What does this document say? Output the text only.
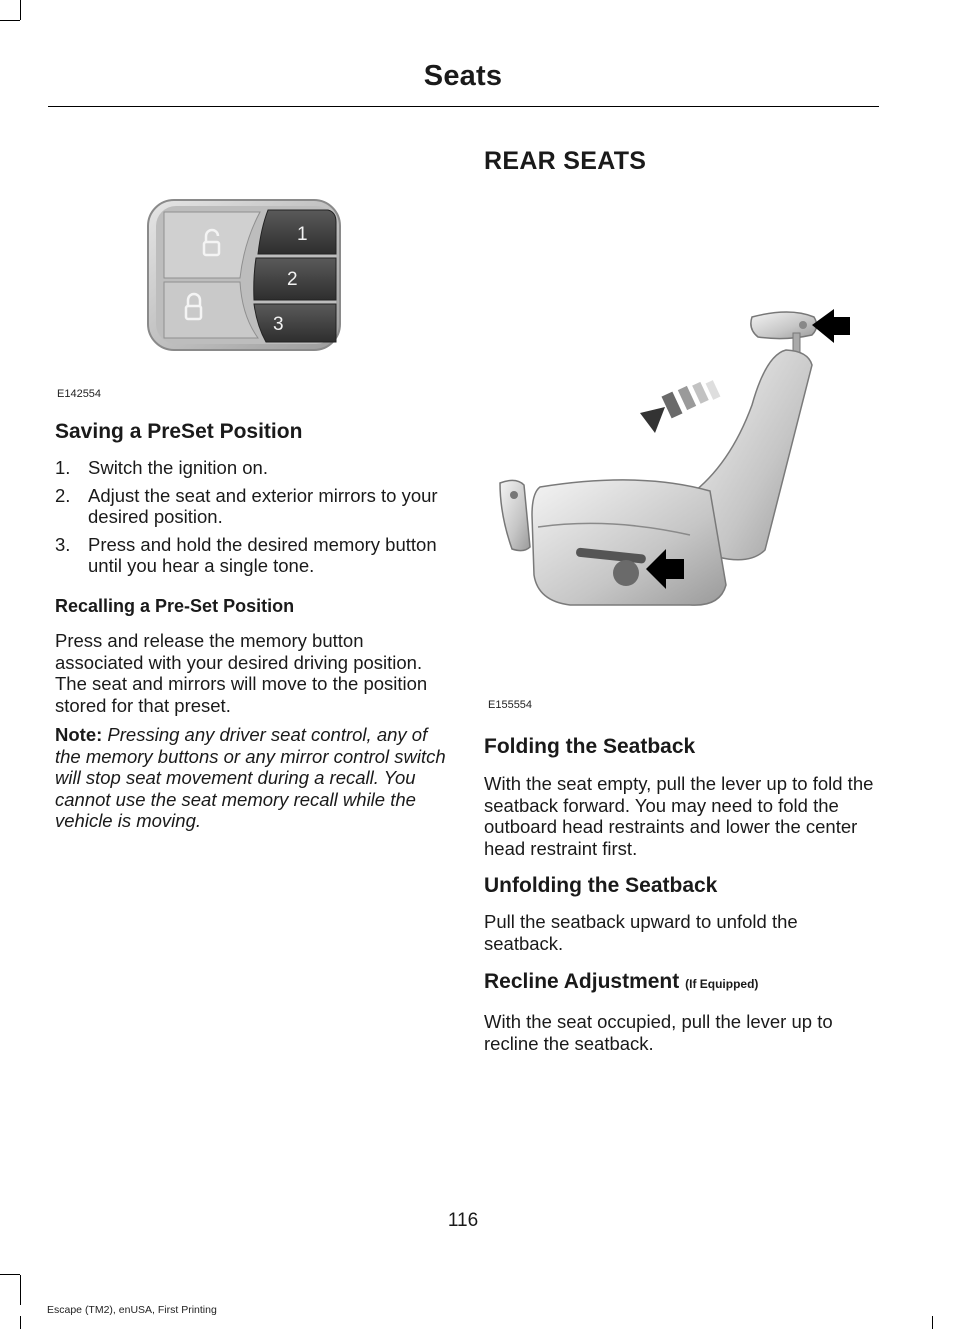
Seats
1
2
3
E142554
Saving a PreSet Position
1. Switch the ignition on.
2. Adjust the seat and exterior mirrors to your desired position.
3. Press and hold the desired memory button until you hear a single tone.
Recalling a Pre-Set Position

Press and release the memory button associated with your desired driving position. The seat and mirrors will move to the position stored for that preset.

Note: Pressing any driver seat control, any of the memory buttons or any mirror control switch will stop seat movement during a recall. You cannot use the seat memory recall while the vehicle is moving.

REAR SEATS
E155554
Folding the Seatback

With the seat empty, pull the lever up to fold the seatback forward. You may need to fold the outboard head restraints and lower the center head restraint first.

Unfolding the Seatback

Pull the seatback upward to unfold the seatback.

Recline Adjustment (If Equipped)

With the seat occupied, pull the lever up to recline the seatback.

116
Escape (TM2), enUSA, First Printing
